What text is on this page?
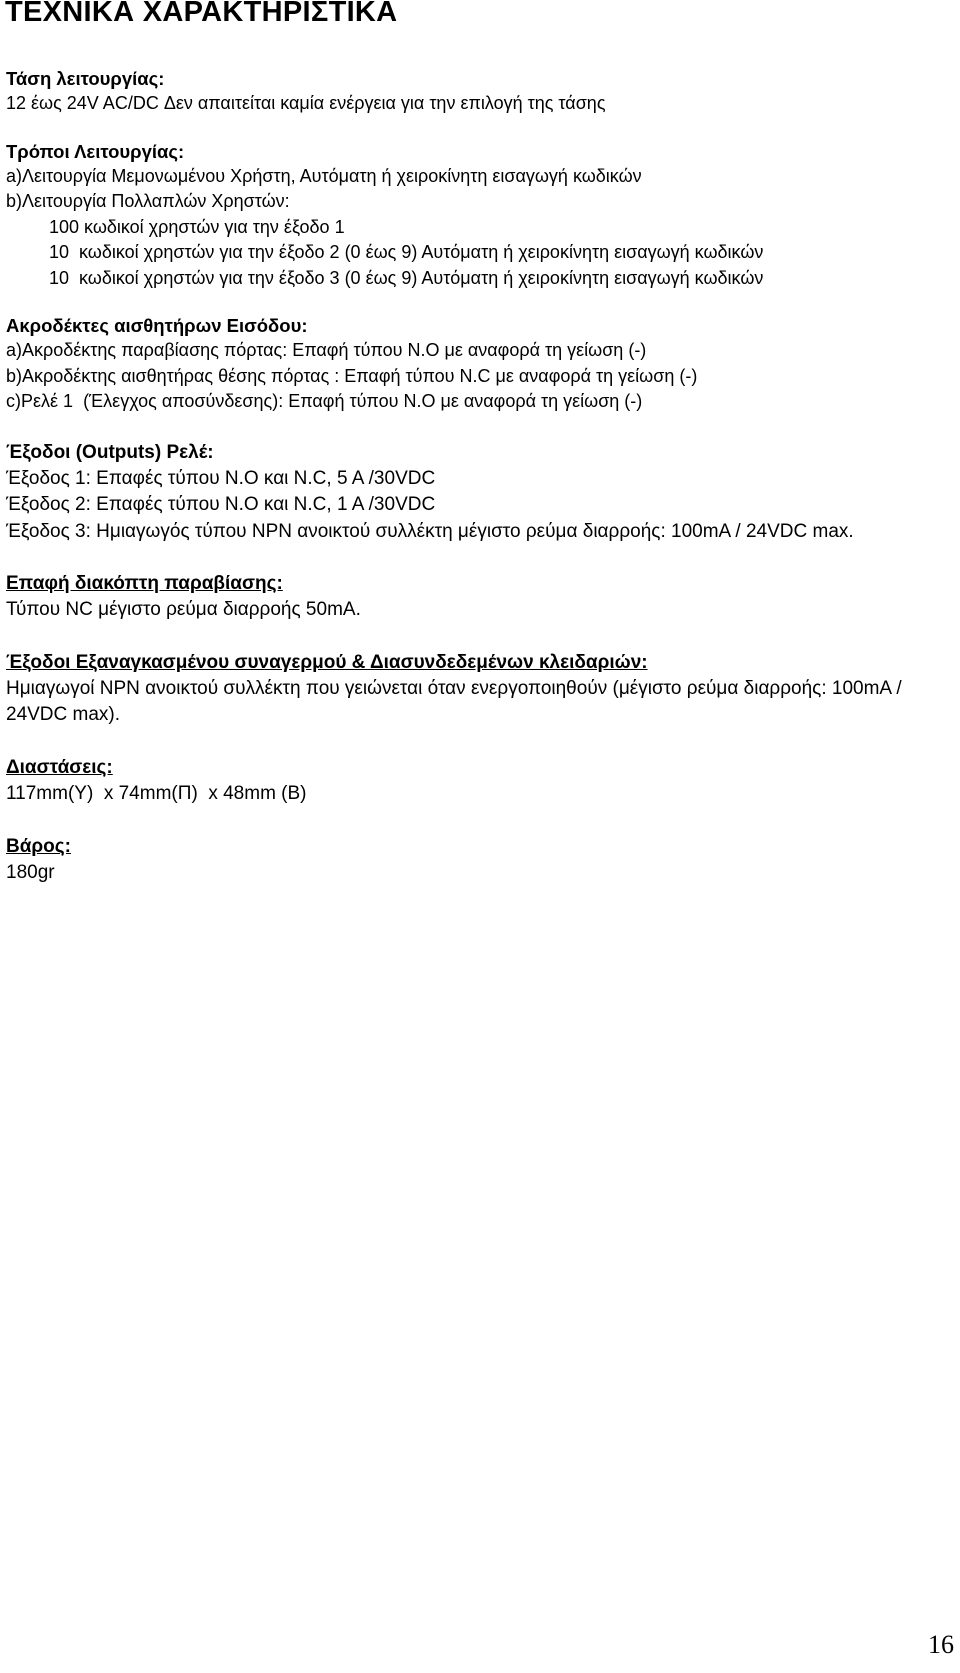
ΤΕΧΝΙΚΑ ΧΑΡΑΚΤΗΡΙΣΤΙΚΑ

Τάση λειτουργίας:

12 έως 24V AC/DC Δεν απαιτείται καμία ενέργεια για την επιλογή της τάσης

Τρόποι Λειτουργίας:

a)Λειτουργία Μεμονωμένου Χρήστη, Αυτόματη ή χειροκίνητη εισαγωγή κωδικών

b)Λειτουργία Πολλαπλών Χρηστών:

100 κωδικοί χρηστών για την έξοδο 1

10  κωδικοί χρηστών για την έξοδο 2 (0 έως 9) Αυτόματη ή χειροκίνητη εισαγωγή κωδικών

10  κωδικοί χρηστών για την έξοδο 3 (0 έως 9) Αυτόματη ή χειροκίνητη εισαγωγή κωδικών

Ακροδέκτες αισθητήρων Εισόδου:

a)Ακροδέκτης παραβίασης πόρτας: Επαφή τύπου N.O με αναφορά τη γείωση (-)

b)Ακροδέκτης αισθητήρας θέσης πόρτας : Επαφή τύπου N.C με αναφορά τη γείωση (-)

c)Ρελέ 1  (Έλεγχος αποσύνδεσης): Επαφή τύπου N.O με αναφορά τη γείωση (-)

Έξοδοι (Outputs) Ρελέ:

Έξοδος 1: Επαφές τύπου N.O και N.C, 5 A /30VDC

Έξοδος 2: Επαφές τύπου N.O και N.C, 1 A /30VDC

Έξοδος 3: Ημιαγωγός τύπου NPN ανοικτού συλλέκτη μέγιστο ρεύμα διαρροής: 100mA / 24VDC max.

Επαφή διακόπτη παραβίασης:

Τύπου NC μέγιστο ρεύμα διαρροής 50mA.

Έξοδοι Εξαναγκασμένου συναγερμού & Διασυνδεδεμένων κλειδαριών:

Ημιαγωγοί NPN ανοικτού συλλέκτη που γειώνεται όταν ενεργοποιηθούν (μέγιστο ρεύμα διαρροής: 100mA / 24VDC max).

Διαστάσεις:

117mm(Y)  x 74mm(Π)  x 48mm (B)

Βάρος:

180gr

16
